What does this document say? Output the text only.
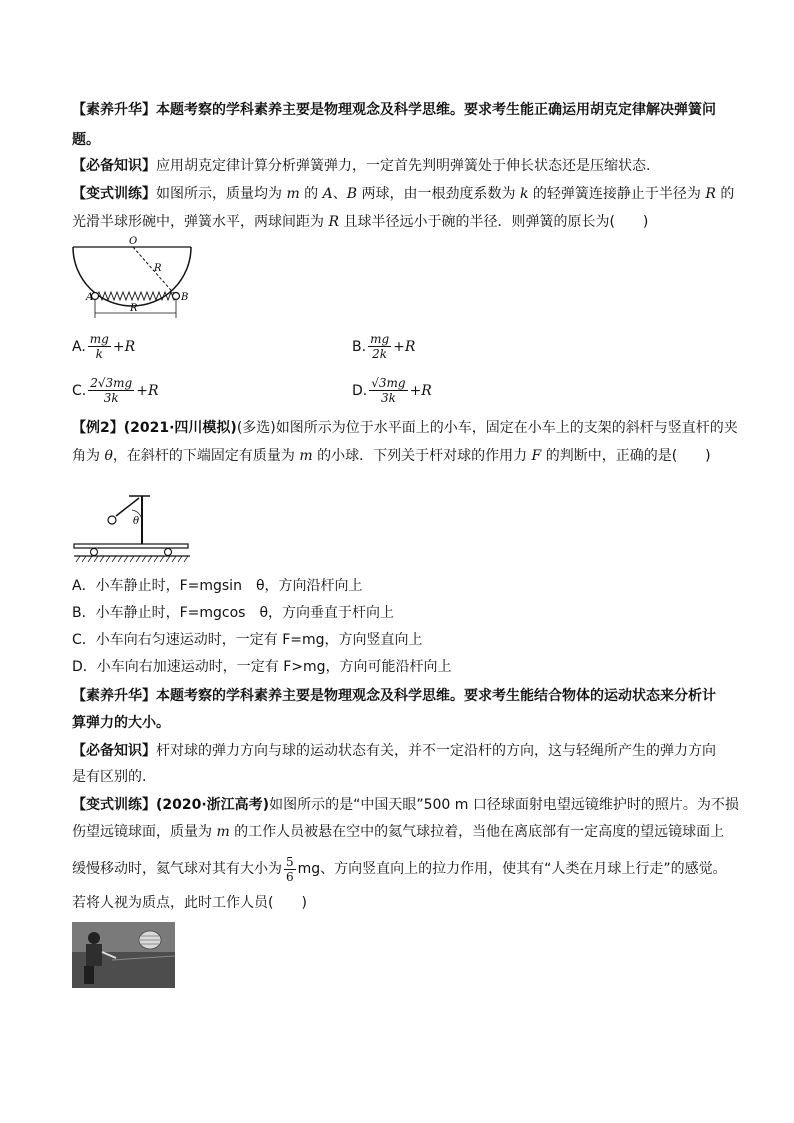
【素养升华】本题考察的学科素养主要是物理观念及科学思维。要求考生能正确运用胡克定律解决弹簧问
题。
【必备知识】应用胡克定律计算分析弹簧弹力，一定首先判明弹簧处于伸长状态还是压缩状态.
【变式训练】如图所示，质量均为 m 的 A、B 两球，由一根劲度系数为 k 的轻弹簧连接静止于半径为 R 的
光滑半球形碗中，弹簧水平，两球间距为 R 且球半径远小于碗的半径．则弹簧的原长为(　　)
O
R
A	B
R
A. $\frac{mg}{k} +R$	B. $\frac{mg}{2k} +R$
C. $\frac{2√3mg}{3k} +R$	D. $\frac{√3mg}{3k} +R$
【例2】(2021·四川模拟)(多选)如图所示为位于水平面上的小车，固定在小车上的支架的斜杆与竖直杆的夹
角为 θ，在斜杆的下端固定有质量为 m 的小球．下列关于杆对球的作用力 F 的判断中，正确的是(　　)
θ
A．小车静止时，F=mgsin　θ，方向沿杆向上
B．小车静止时，F=mgcos　θ，方向垂直于杆向上
C．小车向右匀速运动时，一定有 F=mg，方向竖直向上
D．小车向右加速运动时，一定有 F>mg，方向可能沿杆向上
【素养升华】本题考察的学科素养主要是物理观念及科学思维。要求考生能结合物体的运动状态来分析计
算弹力的大小。
【必备知识】杆对球的弹力方向与球的运动状态有关，并不一定沿杆的方向，这与轻绳所产生的弹力方向
是有区别的.
【变式训练】(2020·浙江高考)如图所示的是“中国天眼”500 m 口径球面射电望远镜维护时的照片。为不损
伤望远镜球面，质量为 m 的工作人员被悬在空中的氦气球拉着，当他在离底部有一定高度的望远镜球面上
缓慢移动时，氦气球对其有大小为 $\frac{5}{6}$ mg、方向竖直向上的拉力作用，使其有“人类在月球上行走”的感觉。
若将人视为质点，此时工作人员(　　)
